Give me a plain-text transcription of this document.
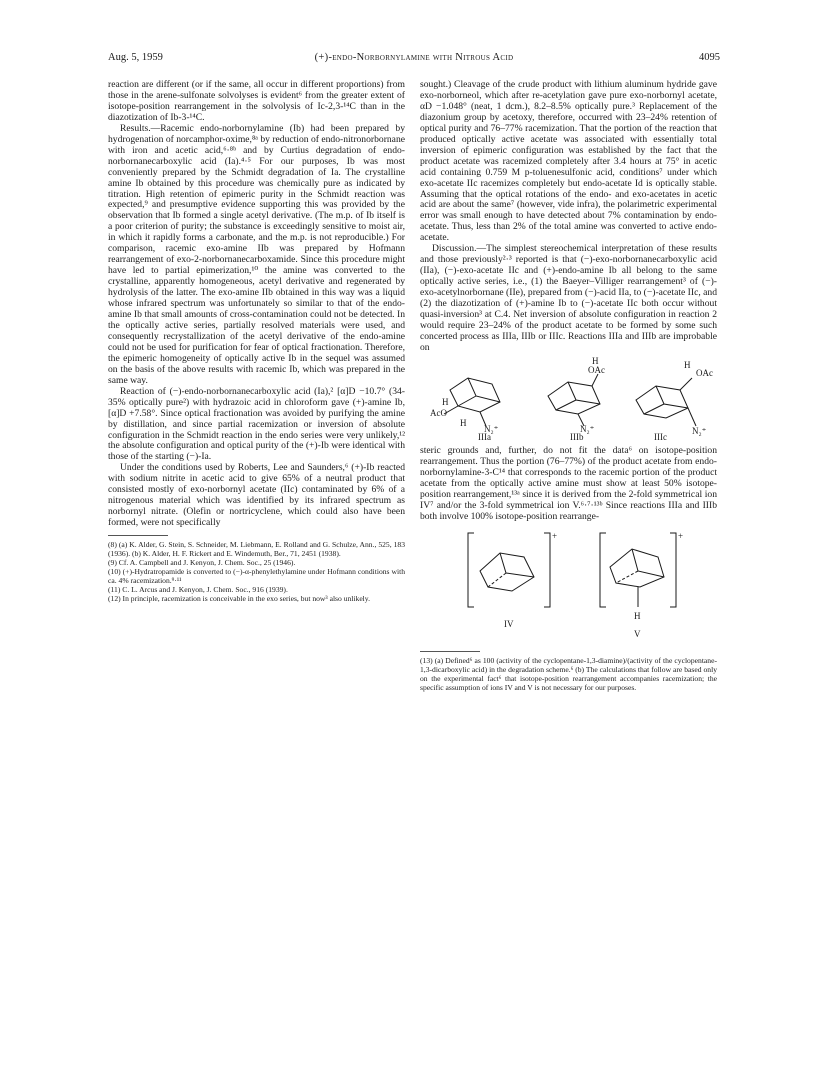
Aug. 5, 1959	(+)-endo-Norbornylamine with Nitrous Acid	4095

reaction are different (or if the same, all occur in different proportions) from those in the arene-sulfonate solvolyses is evident⁶ from the greater extent of isotope-position rearrangement in the solvolysis of Ic-2,3-¹⁴C than in the diazotization of Ib-3-¹⁴C.

Results.—Racemic endo-norbornylamine (Ib) had been prepared by hydrogenation of norcamphor-oxime,⁸ᵃ by reduction of endo-nitronorbornane with iron and acetic acid,⁶·⁸ᵇ and by Curtius degradation of endo-norbornanecarboxylic acid (Ia).⁴·⁵ For our purposes, Ib was most conveniently prepared by the Schmidt degradation of Ia. The crystalline amine Ib obtained by this procedure was chemically pure as indicated by titration. High retention of epimeric purity in the Schmidt reaction was expected,⁹ and presumptive evidence supporting this was provided by the observation that Ib formed a single acetyl derivative. (The m.p. of Ib itself is a poor criterion of purity; the substance is exceedingly sensitive to moist air, in which it rapidly forms a carbonate, and the m.p. is not reproducible.) For comparison, racemic exo-amine IIb was prepared by Hofmann rearrangement of exo-2-norbornanecarboxamide. Since this procedure might have led to partial epimerization,¹⁰ the amine was converted to the crystalline, apparently homogeneous, acetyl derivative and regenerated by hydrolysis of the latter. The exo-amine IIb obtained in this way was a liquid whose infrared spectrum was unfortunately so similar to that of the endo-amine Ib that small amounts of cross-contamination could not be detected. In the optically active series, partially resolved materials were used, and consequently recrystallization of the acetyl derivative of the endo-amine could not be used for purification for fear of optical fractionation. Therefore, the epimeric homogeneity of optically active Ib in the sequel was assumed on the basis of the above results with racemic Ib, which was prepared in the same way.

Reaction of (−)-endo-norbornanecarboxylic acid (Ia),² [α]D −10.7° (34-35% optically pure²) with hydrazoic acid in chloroform gave (+)-amine Ib, [α]D +7.58°. Since optical fractionation was avoided by purifying the amine by distillation, and since partial racemization or inversion of absolute configuration in the Schmidt reaction in the endo series were very unlikely,¹² the absolute configuration and optical purity of the (+)-Ib were identical with those of the starting (−)-Ia.

Under the conditions used by Roberts, Lee and Saunders,⁶ (+)-Ib reacted with sodium nitrite in acetic acid to give 65% of a neutral product that consisted mostly of exo-norbornyl acetate (IIc) contaminated by 6% of a nitrogenous material which was identified by its infrared spectrum as norbornyl nitrate. (Olefin or nortricyclene, which could also have been formed, were not specifically

(8) (a) K. Alder, G. Stein, S. Schneider, M. Liebmann, E. Rolland and G. Schulze, Ann., 525, 183 (1936). (b) K. Alder, H. F. Rickert and E. Windemuth, Ber., 71, 2451 (1938).

(9) Cf. A. Campbell and J. Kenyon, J. Chem. Soc., 25 (1946).

(10) (+)-Hydratropamide is converted to (−)-α-phenylethylamine under Hofmann conditions with ca. 4% racemization.⁹·¹¹

(11) C. L. Arcus and J. Kenyon, J. Chem. Soc., 916 (1939).

(12) In principle, racemization is conceivable in the exo series, but now³ also unlikely.

sought.) Cleavage of the crude product with lithium aluminum hydride gave exo-norborneol, which after re-acetylation gave pure exo-norbornyl acetate, αD −1.048° (neat, 1 dcm.), 8.2–8.5% optically pure.³ Replacement of the diazonium group by acetoxy, therefore, occurred with 23–24% retention of optical purity and 76–77% racemization. That the portion of the reaction that produced optically active acetate was associated with essentially total inversion of epimeric configuration was established by the fact that the product acetate was racemized completely after 3.4 hours at 75° in acetic acid containing 0.759 M p-toluenesulfonic acid, conditions⁷ under which exo-acetate IIc racemizes completely but endo-acetate Id is optically stable. Assuming that the optical rotations of the endo- and exo-acetates in acetic acid are about the same⁷ (however, vide infra), the polarimetric experimental error was small enough to have detected about 7% contamination by endo-acetate. Thus, less than 2% of the total amine was converted to active endo-acetate.

Discussion.—The simplest stereochemical interpretation of these results and those previously²·³ reported is that (−)-exo-norbornanecarboxylic acid (IIa), (−)-exo-acetate IIc and (+)-endo-amine Ib all belong to the same optically active series, i.e., (1) the Baeyer–Villiger rearrangement³ of (−)-exo-acetylnorbornane (IIe), prepared from (−)-acid IIa, to (−)-acetate IIc, and (2) the diazotization of (+)-amine Ib to (−)-acetate IIc both occur without quasi-inversion³ at C.4. Net inversion of absolute configuration in reaction 2 would require 23–24% of the product acetate to be formed by some such concerted process as IIIa, IIIb or IIIc. Reactions IIIa and IIIb are improbable on

AcO
H
H
N₂⁺
H
OAc
N₂⁺
H
OAc
N₂⁺
IIIa	IIIb	IIIc

steric grounds and, further, do not fit the data⁶ on isotope-position rearrangement. Thus the portion (76–77%) of the product acetate from endo-norbornylamine-3-C¹⁴ that corresponds to the racemic portion of the product acetate from the optically active amine must show at least 50% isotope-position rearrangement,¹³ᵃ since it is derived from the 2-fold symmetrical ion IV⁷ and/or the 3-fold symmetrical ion V.⁶·⁷·¹³ᵇ Since reactions IIIa and IIIb both involve 100% isotope-position rearrange-

+	+
H
IV
V

(13) (a) Defined⁶ as 100 (activity of the cyclopentane-1,3-diamine)/(activity of the cyclopentane-1,3-dicarboxylic acid) in the degradation scheme.⁶ (b) The calculations that follow are based only on the experimental fact⁶ that isotope-position rearrangement accompanies racemization; the specific assumption of ions IV and V is not necessary for our purposes.
